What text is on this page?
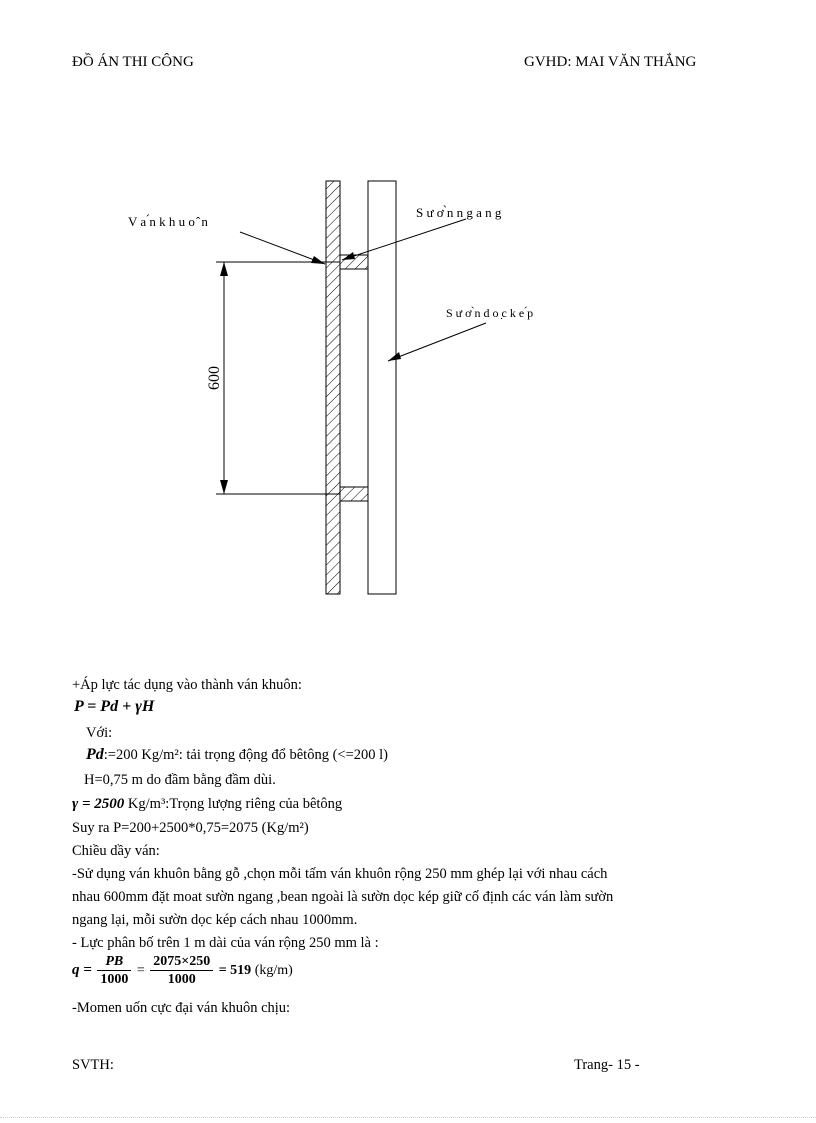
ĐỒ ÁN THI CÔNG	GVHD: MAI VĂN THẮNG
600
V a ́n k h u o ̂ n
S ư ơ ̀n n g a n g
S ư ơ ̀n d o ̣c k e ́p
+Áp lực tác dụng vào thành ván khuôn:
P = Pd + γH
Với:
Pd:=200 Kg/m²: tải trọng động đổ bêtông (<=200 l)
H=0,75 m do đầm bằng đầm dùi.
γ = 2500 Kg/m³:Trọng lượng riêng của bêtông
Suy ra P=200+2500*0,75=2075 (Kg/m²)
Chiều dầy ván:
-Sử dụng ván khuôn bằng gỗ ,chọn mỗi tấm ván khuôn rộng 250 mm ghép lại với nhau cách
nhau 600mm đặt moat sườn ngang ,bean ngoài là sườn dọc kép giữ cố định các ván làm sườn
ngang lại, mỗi sườn dọc kép cách nhau 1000mm.
- Lực phân bố trên 1 m dài của ván rộng 250 mm là :
$q = \frac{PB}{1000} = \frac{2075\times 250}{1000} = 519$ (kg/m)
-Momen uốn cực đại ván khuôn chịu:
SVTH:	Trang- 15 -
